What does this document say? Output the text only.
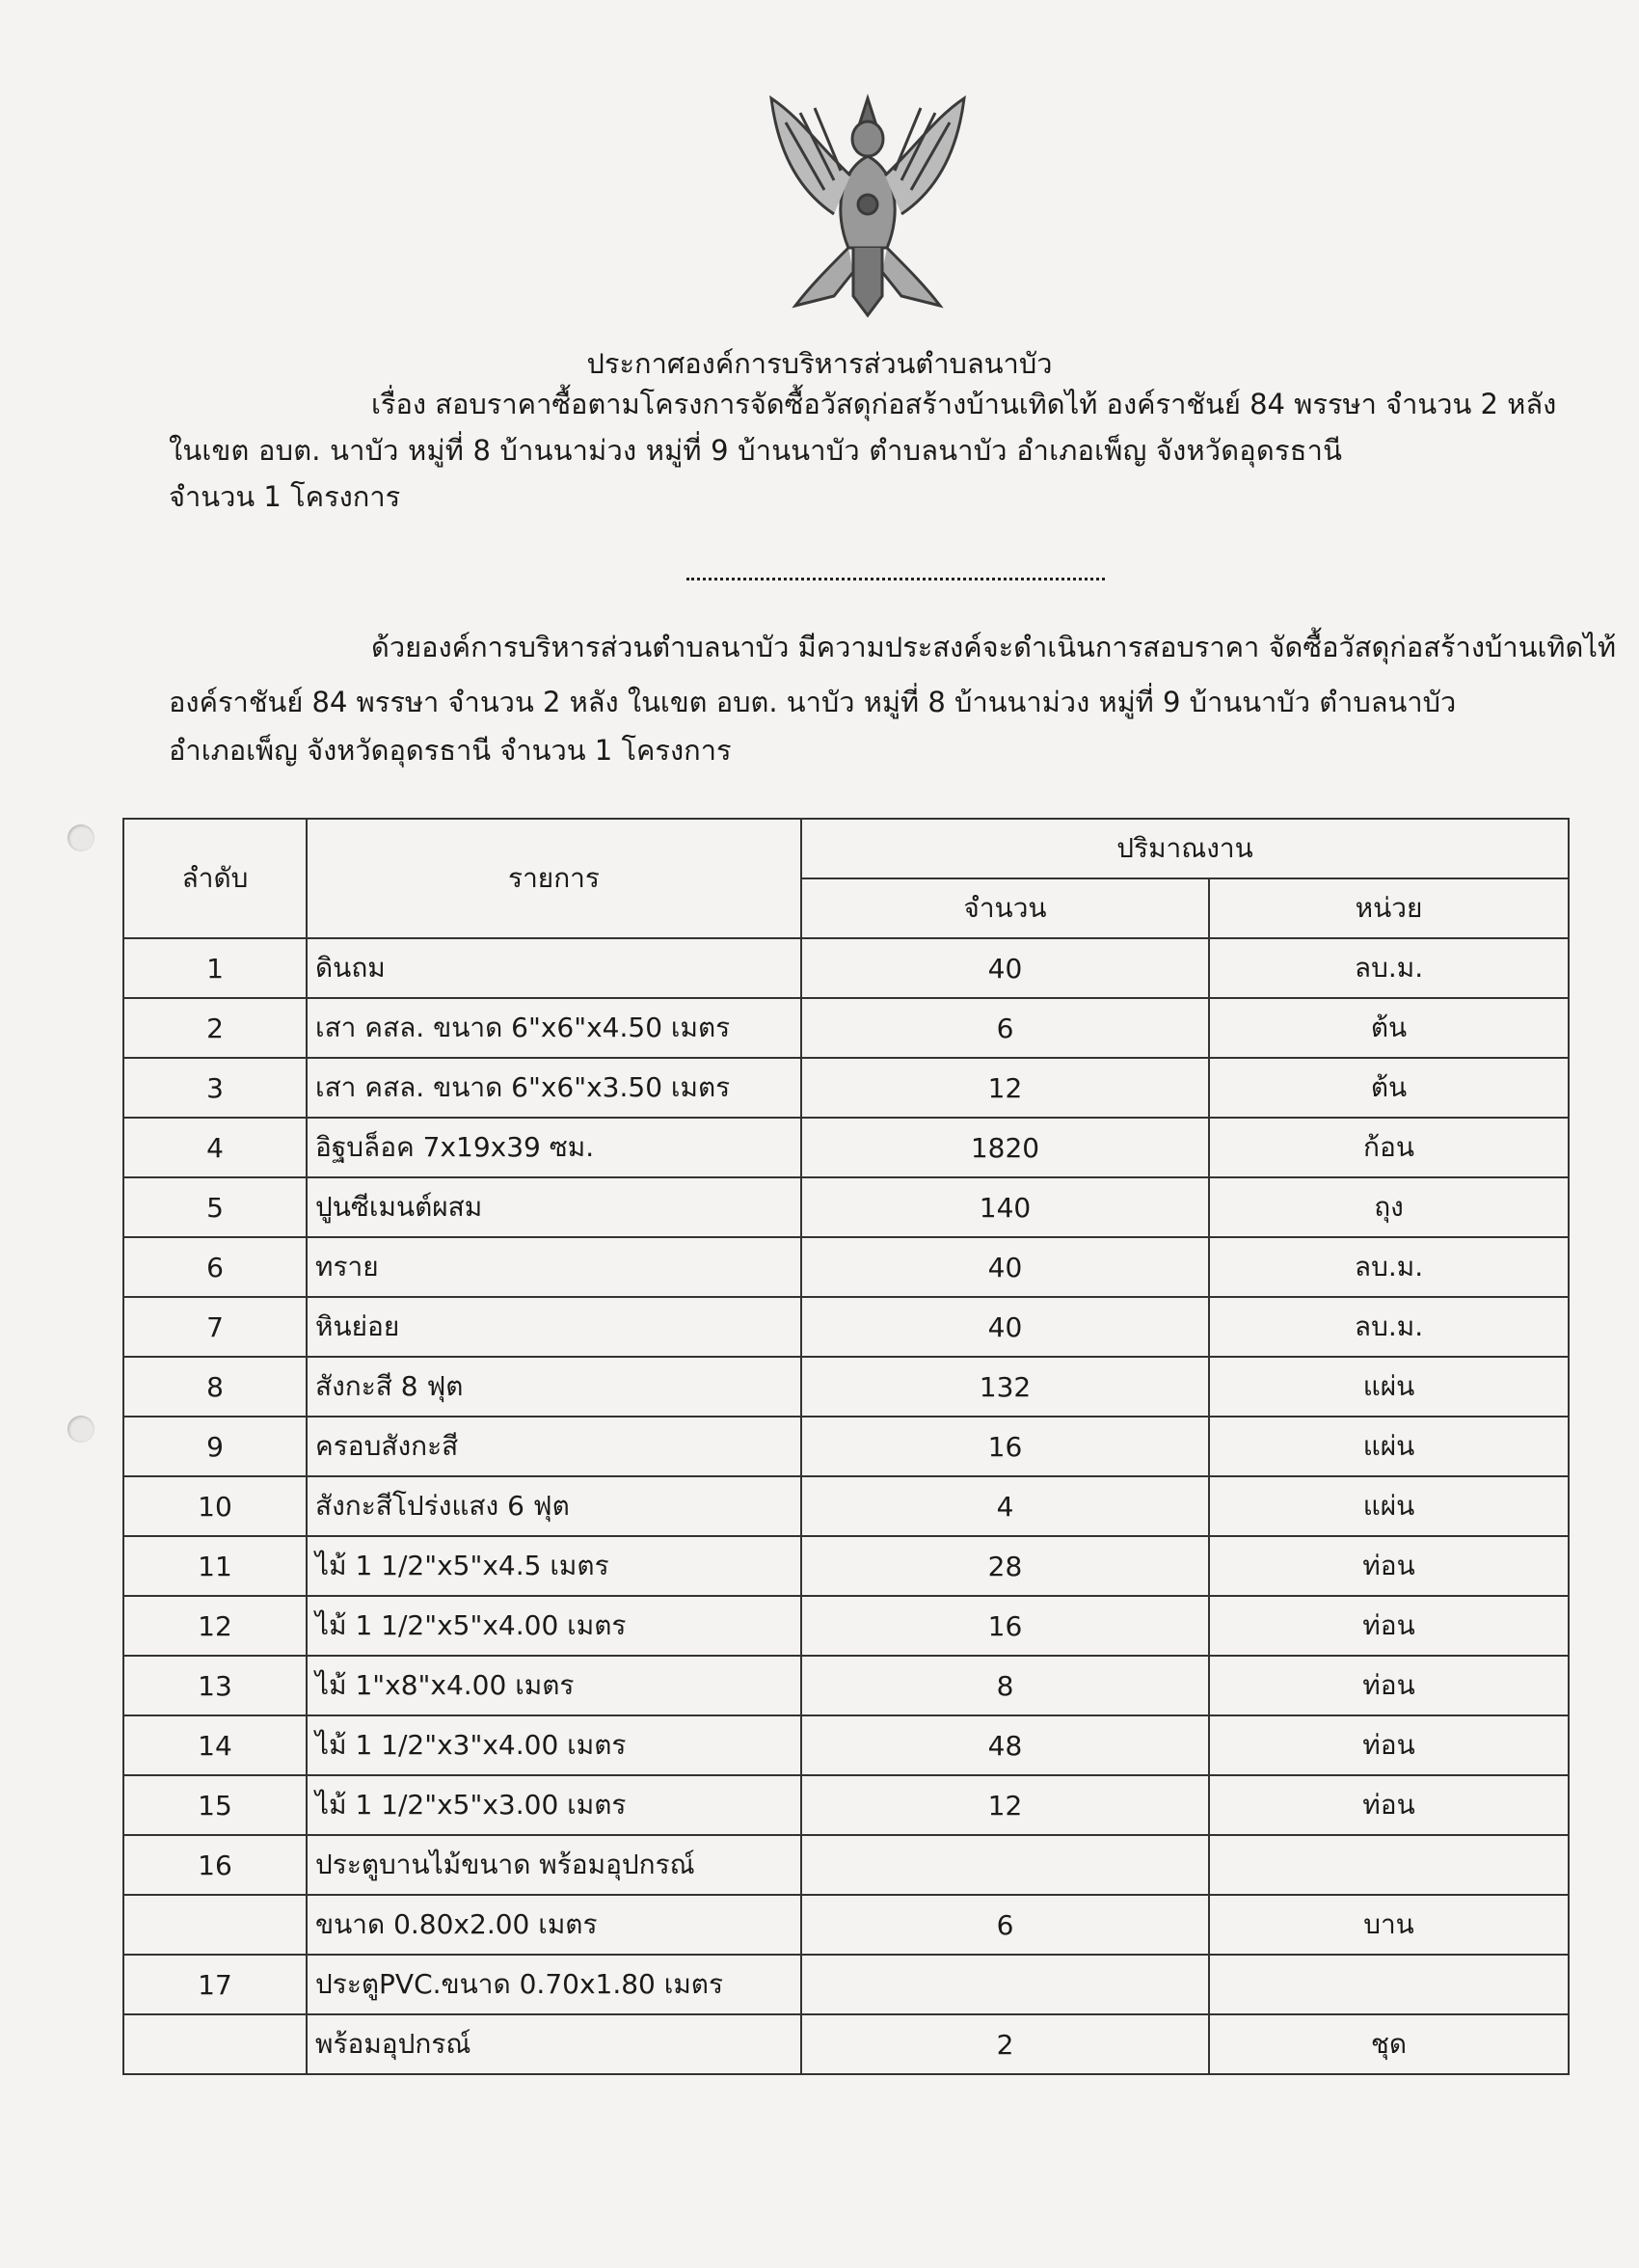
ประกาศองค์การบริหารส่วนตำบลนาบัว
เรื่อง สอบราคาซื้อตามโครงการจัดซื้อวัสดุก่อสร้างบ้านเทิดไท้ องค์ราชันย์ 84 พรรษา จำนวน 2 หลัง
ในเขต อบต. นาบัว หมู่ที่ 8 บ้านนาม่วง หมู่ที่ 9 บ้านนาบัว ตำบลนาบัว อำเภอเพ็ญ จังหวัดอุดรธานี
จำนวน 1 โครงการ
ด้วยองค์การบริหารส่วนตำบลนาบัว มีความประสงค์จะดำเนินการสอบราคา จัดซื้อวัสดุก่อสร้างบ้านเทิดไท้
องค์ราชันย์ 84 พรรษา จำนวน 2 หลัง ในเขต อบต. นาบัว หมู่ที่ 8 บ้านนาม่วง หมู่ที่ 9 บ้านนาบัว ตำบลนาบัว
อำเภอเพ็ญ จังหวัดอุดรธานี จำนวน 1 โครงการ
ลำดับ	รายการ	ปริมาณงาน	
		จำนวน	หน่วย
1	ดินถม	40	ลบ.ม.
2	เสา คสล. ขนาด 6"x6"x4.50 เมตร	6	ต้น
3	เสา คสล. ขนาด 6"x6"x3.50 เมตร	12	ต้น
4	อิฐบล็อค 7x19x39 ซม.	1820	ก้อน
5	ปูนซีเมนต์ผสม	140	ถุง
6	ทราย	40	ลบ.ม.
7	หินย่อย	40	ลบ.ม.
8	สังกะสี 8 ฟุต	132	แผ่น
9	ครอบสังกะสี	16	แผ่น
10	สังกะสีโปร่งแสง 6 ฟุต	4	แผ่น
11	ไม้ 1 1/2"x5"x4.5 เมตร	28	ท่อน
12	ไม้ 1 1/2"x5"x4.00 เมตร	16	ท่อน
13	ไม้ 1"x8"x4.00 เมตร	8	ท่อน
14	ไม้ 1 1/2"x3"x4.00 เมตร	48	ท่อน
15	ไม้ 1 1/2"x5"x3.00 เมตร	12	ท่อน
16	ประตูบานไม้ขนาด พร้อมอุปกรณ์		
	ขนาด 0.80x2.00 เมตร	6	บาน
17	ประตูPVC.ขนาด 0.70x1.80 เมตร		
	พร้อมอุปกรณ์	2	ชุด
